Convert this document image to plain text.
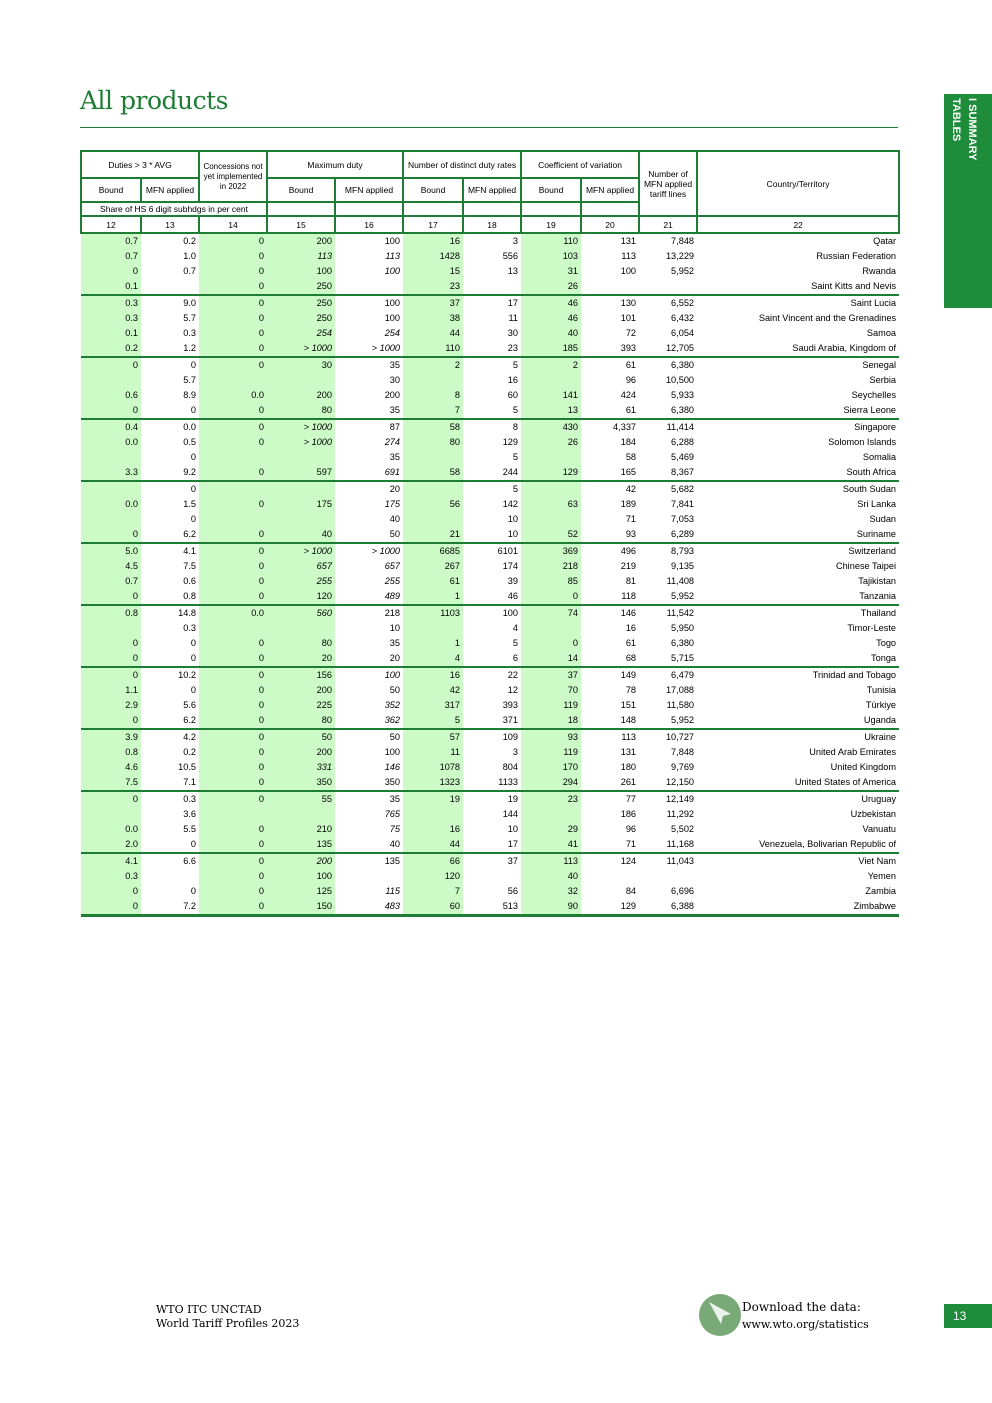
All products	I SUMMARY
TABLES
Duties > 3 * AVG		Concessions not yet implemented in 2022	Maximum duty		Number of distinct duty rates		Coefficient of variation		Number of MFN applied tariff lines	Country/Territory
Bound	MFN applied		Bound	MFN applied	Bound	MFN applied	Bound	MFN applied		
Share of HS 6 digit subhdgs in per cent										
12	13	14	15	16	17	18	19	20	21	22
0.7	0.2	0	200	100	16	3	110	131	7,848	Qatar
0.7	1.0	0	113	113	1428	556	103	113	13,229	Russian Federation
0	0.7	0	100	100	15	13	31	100	5,952	Rwanda
0.1		0	250		23		26			Saint Kitts and Nevis
0.3	9.0	0	250	100	37	17	46	130	6,552	Saint Lucia
0.3	5.7	0	250	100	38	11	46	101	6,432	Saint Vincent and the Grenadines
0.1	0.3	0	254	254	44	30	40	72	6,054	Samoa
0.2	1.2	0	> 1000	> 1000	110	23	185	393	12,705	Saudi Arabia, Kingdom of
0	0	0	30	35	2	5	2	61	6,380	Senegal
	5.7			30		16		96	10,500	Serbia
0.6	8.9	0.0	200	200	8	60	141	424	5,933	Seychelles
0	0	0	80	35	7	5	13	61	6,380	Sierra Leone
0.4	0.0	0	> 1000	87	58	8	430	4,337	11,414	Singapore
0.0	0.5	0	> 1000	274	80	129	26	184	6,288	Solomon Islands
	0			35		5		58	5,469	Somalia
3.3	9.2	0	597	691	58	244	129	165	8,367	South Africa
	0			20		5		42	5,682	South Sudan
0.0	1.5	0	175	175	56	142	63	189	7,841	Sri Lanka
	0			40		10		71	7,053	Sudan
0	6.2	0	40	50	21	10	52	93	6,289	Suriname
5.0	4.1	0	> 1000	> 1000	6685	6101	369	496	8,793	Switzerland
4.5	7.5	0	657	657	267	174	218	219	9,135	Chinese Taipei
0.7	0.6	0	255	255	61	39	85	81	11,408	Tajikistan
0	0.8	0	120	489	1	46	0	118	5,952	Tanzania
0.8	14.8	0.0	560	218	1103	100	74	146	11,542	Thailand
	0.3			10		4		16	5,950	Timor-Leste
0	0	0	80	35	1	5	0	61	6,380	Togo
0	0	0	20	20	4	6	14	68	5,715	Tonga
0	10.2	0	156	100	16	22	37	149	6,479	Trinidad and Tobago
1.1	0	0	200	50	42	12	70	78	17,088	Tunisia
2.9	5.6	0	225	352	317	393	119	151	11,580	Türkiye
0	6.2	0	80	362	5	371	18	148	5,952	Uganda
3.9	4.2	0	50	50	57	109	93	113	10,727	Ukraine
0.8	0.2	0	200	100	11	3	119	131	7,848	United Arab Emirates
4.6	10.5	0	331	146	1078	804	170	180	9,769	United Kingdom
7.5	7.1	0	350	350	1323	1133	294	261	12,150	United States of America
0	0.3	0	55	35	19	19	23	77	12,149	Uruguay
	3.6			765		144		186	11,292	Uzbekistan
0.0	5.5	0	210	75	16	10	29	96	5,502	Vanuatu
2.0	0	0	135	40	44	17	41	71	11,168	Venezuela, Bolivarian Republic of
4.1	6.6	0	200	135	66	37	113	124	11,043	Viet Nam
0.3		0	100		120		40			Yemen
0	0	0	125	115	7	56	32	84	6,696	Zambia
0	7.2	0	150	483	60	513	90	129	6,388	Zimbabwe
WTO ITC UNCTAD
World Tariff Profiles 2023
Download the data:
www.wto.org/statistics
13
